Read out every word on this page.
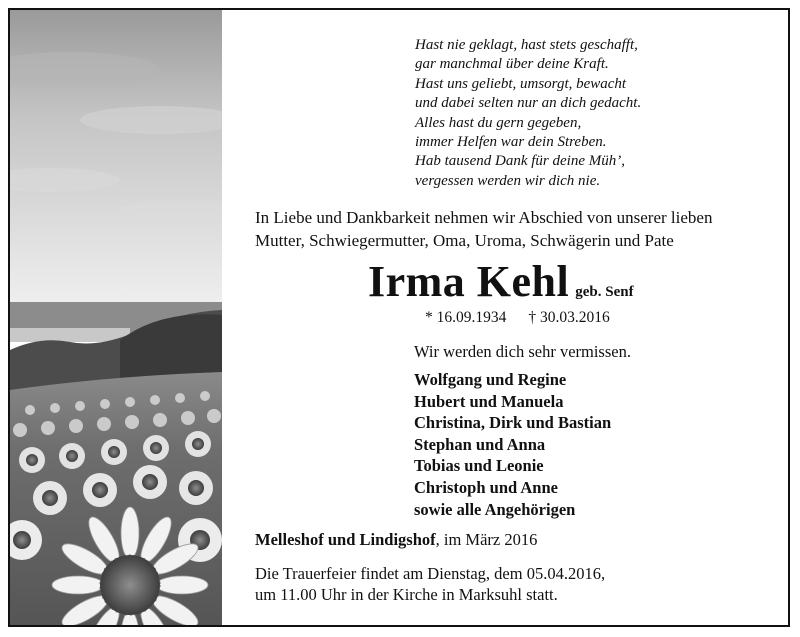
Hast nie geklagt, hast stets geschafft,
gar manchmal über deine Kraft.
Hast uns geliebt, umsorgt, bewacht
und dabei selten nur an dich gedacht.
Alles hast du gern gegeben,
immer Helfen war dein Streben.
Hab tausend Dank für deine Müh’,
vergessen werden wir dich nie.
In Liebe und Dankbarkeit nehmen wir Abschied von unserer lieben
Mutter, Schwiegermutter, Oma, Uroma, Schwägerin und Pate
Irma Kehl geb. Senf
* 16.09.1934 † 30.03.2016
Wir werden dich sehr vermissen.
Wolfgang und Regine
Hubert und Manuela
Christina, Dirk und Bastian
Stephan und Anna
Tobias und Leonie
Christoph und Anne
sowie alle Angehörigen
Melleshof und Lindigshof, im März 2016
Die Trauerfeier findet am Dienstag, dem 05.04.2016,
um 11.00 Uhr in der Kirche in Marksuhl statt.
